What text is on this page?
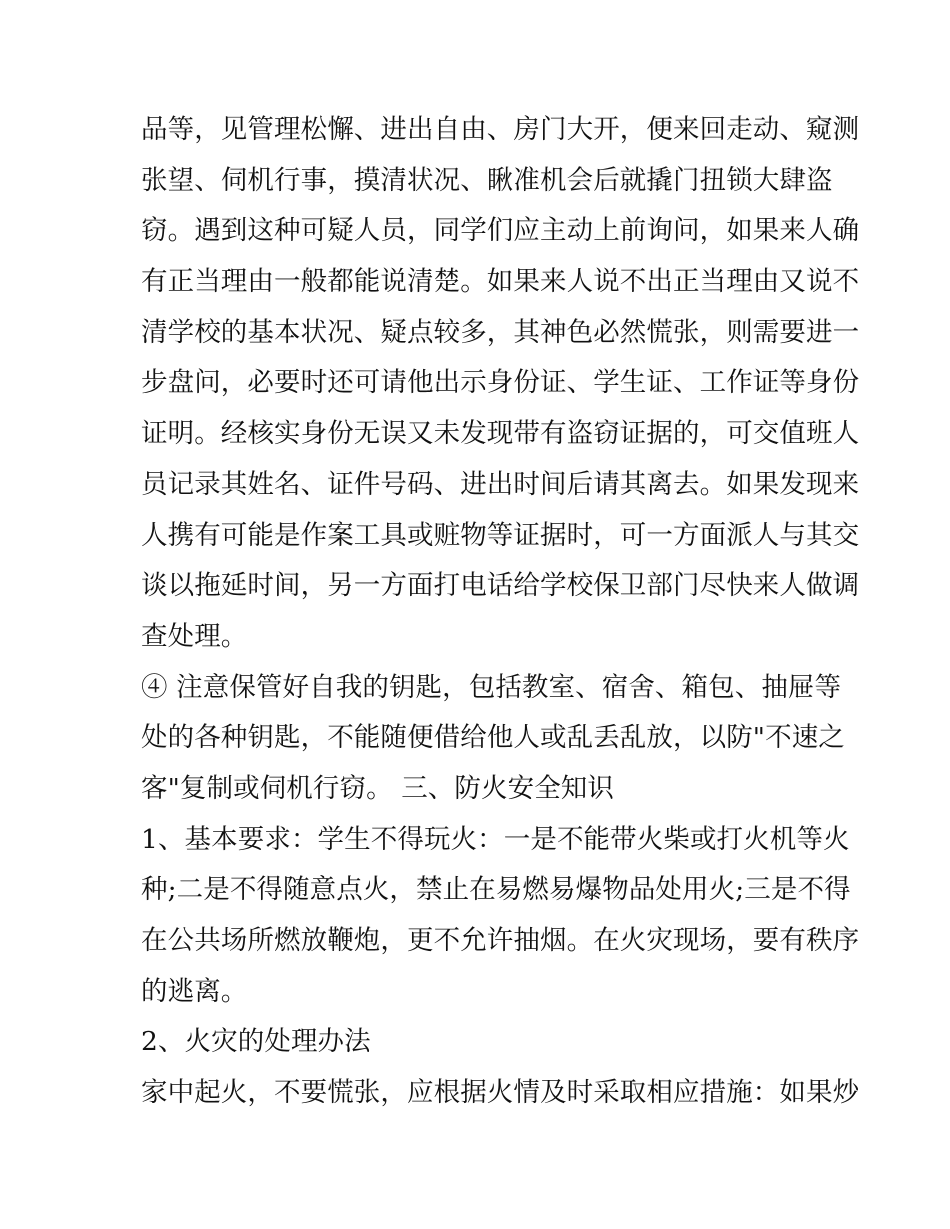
品等，见管理松懈、进出自由、房门大开，便来回走动、窥测
张望、伺机行事，摸清状况、瞅准机会后就撬门扭锁大肆盗
窃。遇到这种可疑人员，同学们应主动上前询问，如果来人确
有正当理由一般都能说清楚。如果来人说不出正当理由又说不
清学校的基本状况、疑点较多，其神色必然慌张，则需要进一
步盘问，必要时还可请他出示身份证、学生证、工作证等身份
证明。经核实身份无误又未发现带有盗窃证据的，可交值班人
员记录其姓名、证件号码、进出时间后请其离去。如果发现来
人携有可能是作案工具或赃物等证据时，可一方面派人与其交
谈以拖延时间，另一方面打电话给学校保卫部门尽快来人做调
查处理。
④ 注意保管好自我的钥匙，包括教室、宿舍、箱包、抽屉等
处的各种钥匙，不能随便借给他人或乱丢乱放，以防"不速之
客"复制或伺机行窃。 三、防火安全知识
1、基本要求：学生不得玩火：一是不能带火柴或打火机等火
种;二是不得随意点火，禁止在易燃易爆物品处用火;三是不得
在公共场所燃放鞭炮，更不允许抽烟。在火灾现场，要有秩序
的逃离。
2、火灾的处理办法
家中起火，不要慌张，应根据火情及时采取相应措施：如果炒
